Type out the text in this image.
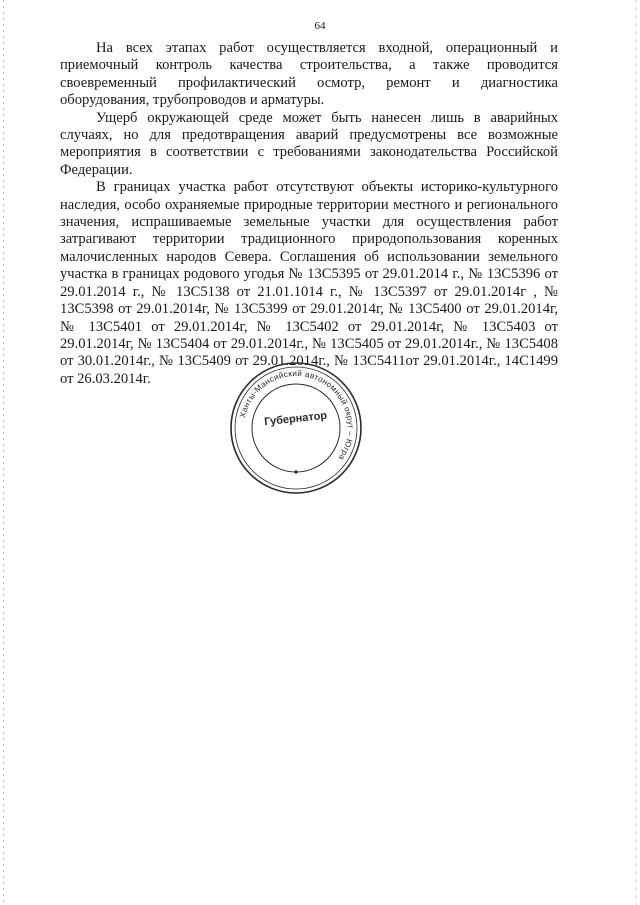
64

На всех этапах работ осуществляется входной, операционный и приемочный контроль качества строительства, а также проводится своевременный профилактический осмотр, ремонт и диагностика оборудования, трубопроводов и арматуры.

Ущерб окружающей среде может быть нанесен лишь в аварийных случаях, но для предотвращения аварий предусмотрены все возможные мероприятия в соответствии с требованиями законодательства Российской Федерации.

В границах участка работ отсутствуют объекты историко-культурного наследия, особо охраняемые природные территории местного и регионального значения, испрашиваемые земельные участки для осуществления работ затрагивают территории традиционного природопользования коренных малочисленных народов Севера. Соглашения об использовании земельного участка в границах родового угодья № 13С5395 от 29.01.2014 г., № 13С5396 от 29.01.2014 г., № 13С5138 от 21.01.1014 г., № 13С5397 от 29.01.2014г , № 13С5398 от 29.01.2014г, № 13С5399 от 29.01.2014г, № 13С5400 от 29.01.2014г, № 13С5401 от 29.01.2014г, № 13С5402 от 29.01.2014г, № 13С5403 от 29.01.2014г, № 13С5404 от 29.01.2014г., № 13С5405 от 29.01.2014г., № 13С5408 от 30.01.2014г., № 13С5409 от 29.01.2014г., № 13С5411от 29.01.2014г., 14С1499 от 26.03.2014г.

Ханты-Мансийский автономный округ – Югра
Губернатор
